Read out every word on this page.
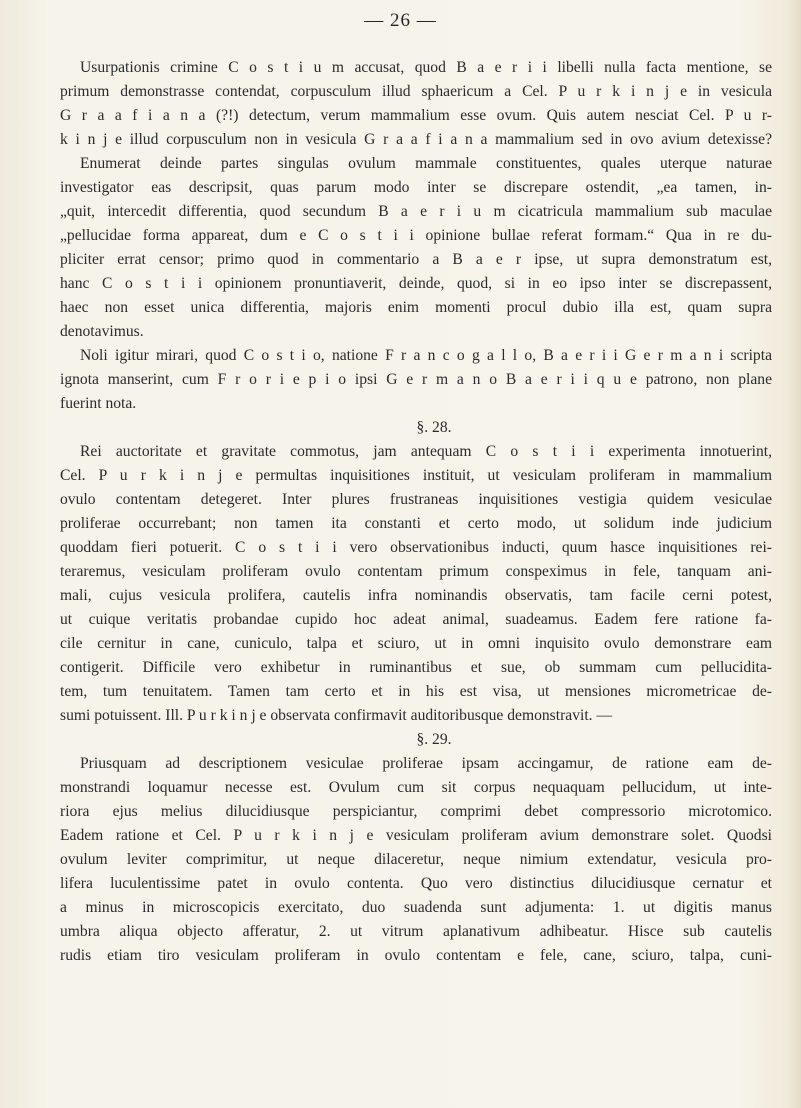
— 26 —
Usurpationis crimine C o s t i u m accusat, quod B a e r i i libelli nulla facta mentione, se
primum demonstrasse contendat, corpusculum illud sphaericum a Cel. P u r k i n j e in vesicula
G r a a f i a n a (?!) detectum, verum mammalium esse ovum. Quis autem nesciat Cel. P u r-
k i n j e illud corpusculum non in vesicula G r a a f i a n a mammalium sed in ovo avium detexisse?
Enumerat deinde partes singulas ovulum mammale constituentes, quales uterque naturae
investigator eas descripsit, quas parum modo inter se discrepare ostendit, „ea tamen, in-
„quit, intercedit differentia, quod secundum B a e r i u m cicatricula mammalium sub maculae
„pellucidae forma appareat, dum e C o s t i i opinione bullae referat formam.“ Qua in re du-
pliciter errat censor; primo quod in commentario a B a e r ipse, ut supra demonstratum est,
hanc C o s t i i opinionem pronuntiaverit, deinde, quod, si in eo ipso inter se discrepassent,
haec non esset unica differentia, majoris enim momenti procul dubio illa est, quam supra
denotavimus.
Noli igitur mirari, quod C o s t i o, natione F r a n c o g a l l o, B a e r i i G e r m a n i scripta
ignota manserint, cum F r o r i e p i o ipsi G e r m a n o B a e r i i q u e patrono, non plane
fuerint nota.
§. 28.
Rei auctoritate et gravitate commotus, jam antequam C o s t i i experimenta innotuerint,
Cel. P u r k i n j e permultas inquisitiones instituit, ut vesiculam proliferam in mammalium
ovulo contentam detegeret. Inter plures frustraneas inquisitiones vestigia quidem vesiculae
proliferae occurrebant; non tamen ita constanti et certo modo, ut solidum inde judicium
quoddam fieri potuerit. C o s t i i vero observationibus inducti, quum hasce inquisitiones rei-
teraremus, vesiculam proliferam ovulo contentam primum conspeximus in fele, tanquam ani-
mali, cujus vesicula prolifera, cautelis infra nominandis observatis, tam facile cerni potest,
ut cuique veritatis probandae cupido hoc adeat animal, suadeamus. Eadem fere ratione fa-
cile cernitur in cane, cuniculo, talpa et sciuro, ut in omni inquisito ovulo demonstrare eam
contigerit. Difficile vero exhibetur in ruminantibus et sue, ob summam cum pelluciditа-
tem, tum tenuitatem. Tamen tam certo et in his est visa, ut mensiones micrometricae de-
sumi potuissent. Ill. P u r k i n j e observata confirmavit auditoribusque demonstravit. —
§. 29.
Priusquam ad descriptionem vesiculae proliferae ipsam accingamur, de ratione eam de-
monstrandi loquamur necesse est. Ovulum cum sit corpus nequaquam pellucidum, ut inte-
riora ejus melius dilucidiusque perspiciantur, comprimi debet compressorio microtomico.
Eadem ratione et Cel. P u r k i n j e vesiculam proliferam avium demonstrare solet. Quodsi
ovulum leviter comprimitur, ut neque dilaceretur, neque nimium extendatur, vesicula pro-
lifera luculentissime patet in ovulo contenta. Quo vero distinctius dilucidiusque cernatur et
a minus in microscopicis exercitato, duo suadenda sunt adjumenta: 1. ut digitis manus
umbra aliqua objecto afferatur, 2. ut vitrum aplanativum adhibeatur. Hisce sub cautelis
rudis etiam tiro vesiculam proliferam in ovulo contentam e fele, cane, sciuro, talpa, cuni-
